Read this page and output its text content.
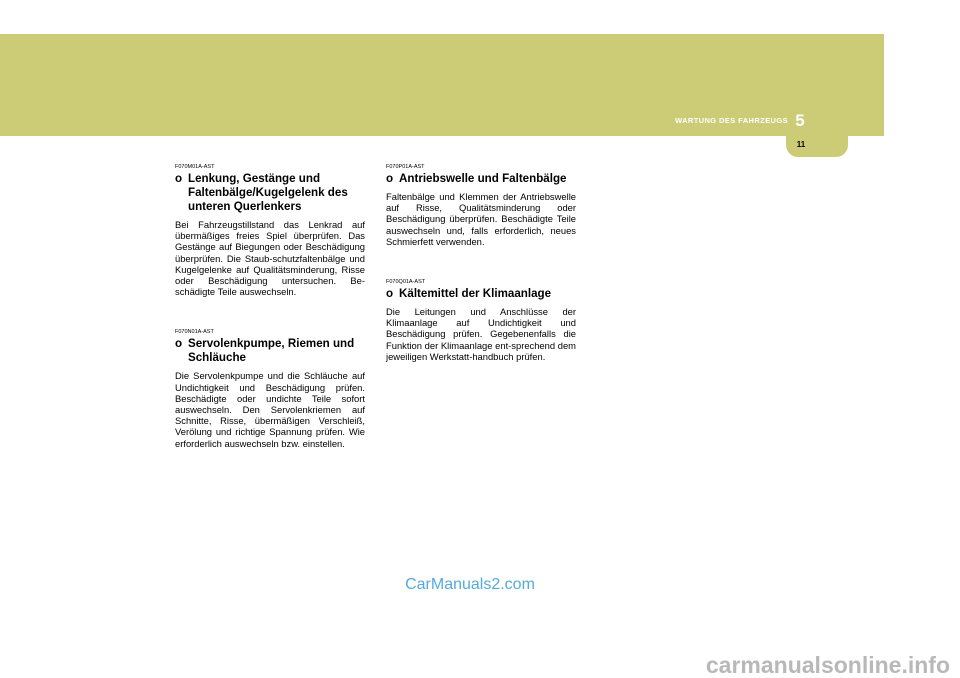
WARTUNG DES FAHRZEUGS 5
11
F070M01A-AST
o Lenkung, Gestänge und Faltenbälge/Kugelgelenk des unteren Querlenkers

Bei Fahrzeugstillstand das Lenkrad auf übermäßiges freies Spiel überprüfen. Das Gestänge auf Biegungen oder Beschädigung überprüfen. Die Staub-schutzfaltenbälge und Kugelgelenke auf Qualitätsminderung, Risse oder Beschädigung untersuchen. Be-schädigte Teile auswechseln.

F070N01A-AST
o Servolenkpumpe, Riemen und Schläuche

Die Servolenkpumpe und die Schläuche auf Undichtigkeit und Beschädigung prüfen. Beschädigte oder undichte Teile sofort auswechseln. Den Servolenkriemen auf Schnitte, Risse, übermäßigen Verschleiß, Verölung und richtige Spannung prüfen. Wie erforderlich auswechseln bzw. einstellen.

F070P01A-AST
o Antriebswelle und Faltenbälge

Faltenbälge und Klemmen der Antriebswelle auf Risse, Qualitätsminderung oder Beschädigung überprüfen. Beschädigte Teile auswechseln und, falls erforderlich, neues Schmierfett verwenden.

F070Q01A-AST
o Kältemittel der Klimaanlage

Die Leitungen und Anschlüsse der Klimaanlage auf Undichtigkeit und Beschädigung prüfen. Gegebenenfalls die Funktion der Klimaanlage ent-sprechend dem jeweiligen Werkstatt-handbuch prüfen.

CarManuals2.com
carmanualsonline.info
